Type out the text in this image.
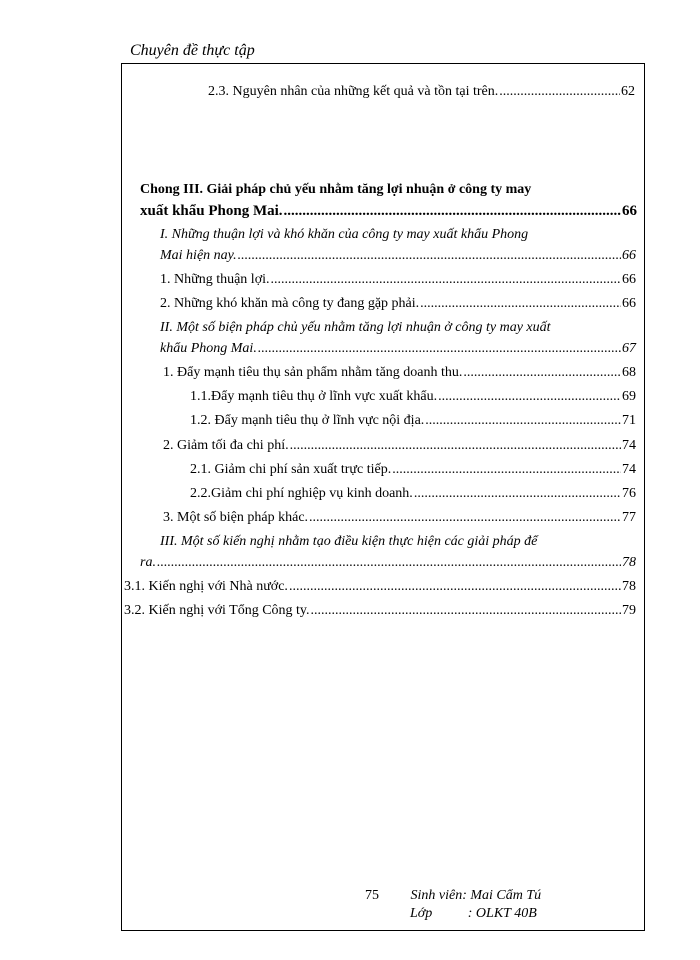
Chuyên đề thực tập
2.3. Nguyên nhân của những kết quả và tồn tại trên. .....	62
Chong III. Giải pháp chủ yếu nhằm tăng lợi nhuận ở công ty may
xuất khẩu Phong Mai. .....	66
I. Những thuận lợi và khó khăn của công ty may xuất khẩu Phong
Mai hiện nay. .....	66
1. Những thuận lợi. .....	66
2. Những khó khăn mà công ty đang gặp phải. .....	66
II. Một số biện pháp chủ yếu nhằm tăng lợi nhuận ở công ty may xuất
khẩu Phong Mai. .....	67
1. Đẩy mạnh tiêu thụ sản phẩm nhằm tăng doanh thu. .....	68
1.1.Đẩy mạnh tiêu thụ ở lĩnh vực xuất khẩu. .....	69
1.2. Đẩy mạnh tiêu thụ ở lĩnh vực nội địa. .....	71
2. Giảm tối đa chi phí. .....	74
2.1. Giảm chi phí sản xuất trực tiếp. .....	74
2.2.Giảm chi phí nghiệp vụ kinh doanh. .....	76
3. Một số biện pháp khác. .....	77
III. Một số kiến nghị nhằm tạo điều kiện thực hiện các giải pháp để
ra. .....	78
3.1. Kiến nghị với Nhà nước. .....	78
3.2. Kiến nghị với Tổng Công ty. .....	79
75 Sinh viên: Mai Cẩm Tú
Lớp	: OLKT 40B
